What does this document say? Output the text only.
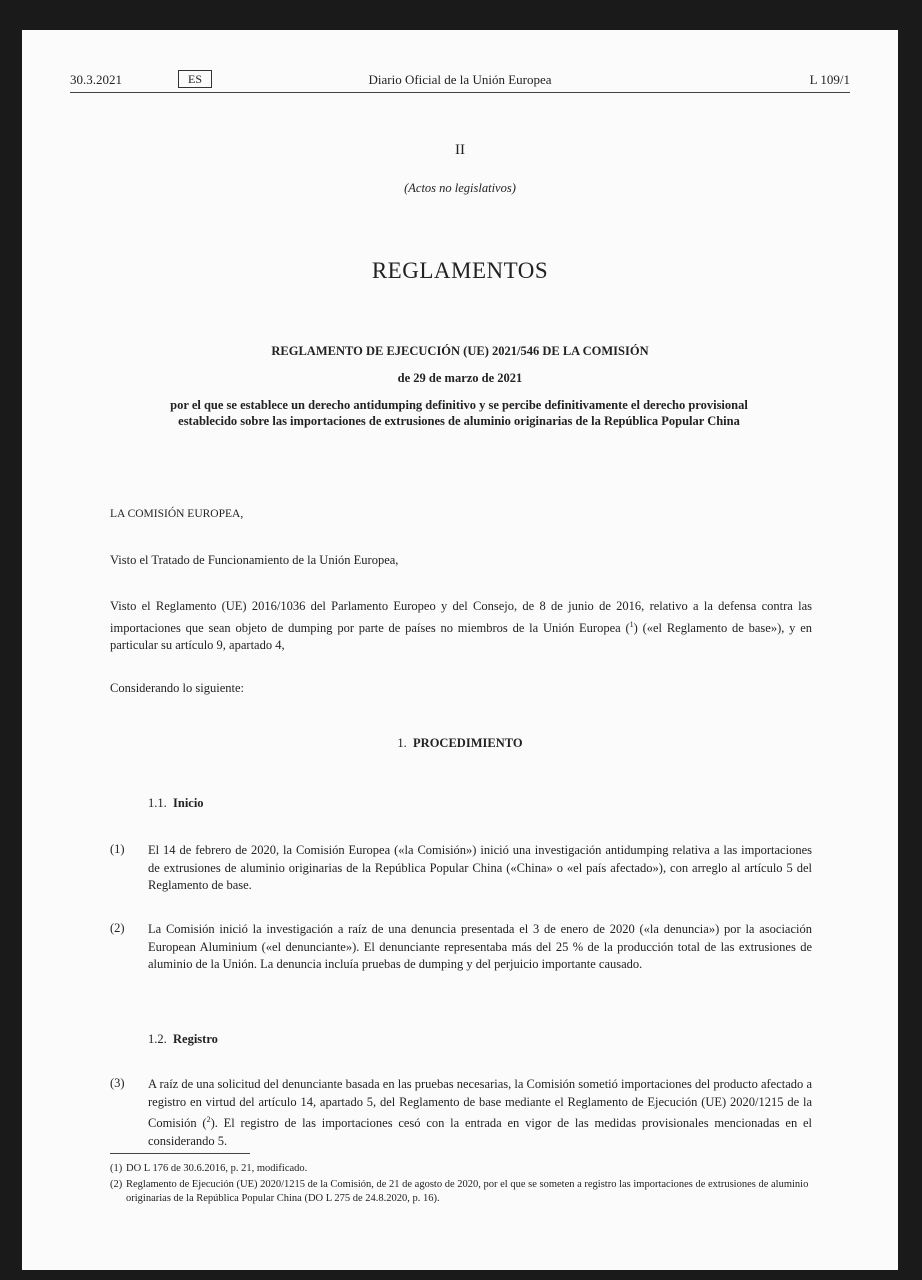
30.3.2021	ES	Diario Oficial de la Unión Europea	L 109/1
II
(Actos no legislativos)
REGLAMENTOS
REGLAMENTO DE EJECUCIÓN (UE) 2021/546 DE LA COMISIÓN
de 29 de marzo de 2021
por el que se establece un derecho antidumping definitivo y se percibe definitivamente el derecho provisional establecido sobre las importaciones de extrusiones de aluminio originarias de la República Popular China
LA COMISIÓN EUROPEA,
Visto el Tratado de Funcionamiento de la Unión Europea,
Visto el Reglamento (UE) 2016/1036 del Parlamento Europeo y del Consejo, de 8 de junio de 2016, relativo a la defensa contra las importaciones que sean objeto de dumping por parte de países no miembros de la Unión Europea ($^1$) («el Reglamento de base»), y en particular su artículo 9, apartado 4,
Considerando lo siguiente:
1. PROCEDIMIENTO
1.1. Inicio
(1) El 14 de febrero de 2020, la Comisión Europea («la Comisión») inició una investigación antidumping relativa a las importaciones de extrusiones de aluminio originarias de la República Popular China («China» o «el país afectado»), con arreglo al artículo 5 del Reglamento de base.
(2) La Comisión inició la investigación a raíz de una denuncia presentada el 3 de enero de 2020 («la denuncia») por la asociación European Aluminium («el denunciante»). El denunciante representaba más del 25 % de la producción total de las extrusiones de aluminio de la Unión. La denuncia incluía pruebas de dumping y del perjuicio importante causado.
1.2. Registro
(3) A raíz de una solicitud del denunciante basada en las pruebas necesarias, la Comisión sometió importaciones del producto afectado a registro en virtud del artículo 14, apartado 5, del Reglamento de base mediante el Reglamento de Ejecución (UE) 2020/1215 de la Comisión ($^2$). El registro de las importaciones cesó con la entrada en vigor de las medidas provisionales mencionadas en el considerando 5.
(1) DO L 176 de 30.6.2016, p. 21, modificado.
(2) Reglamento de Ejecución (UE) 2020/1215 de la Comisión, de 21 de agosto de 2020, por el que se someten a registro las importaciones de extrusiones de aluminio originarias de la República Popular China (DO L 275 de 24.8.2020, p. 16).
